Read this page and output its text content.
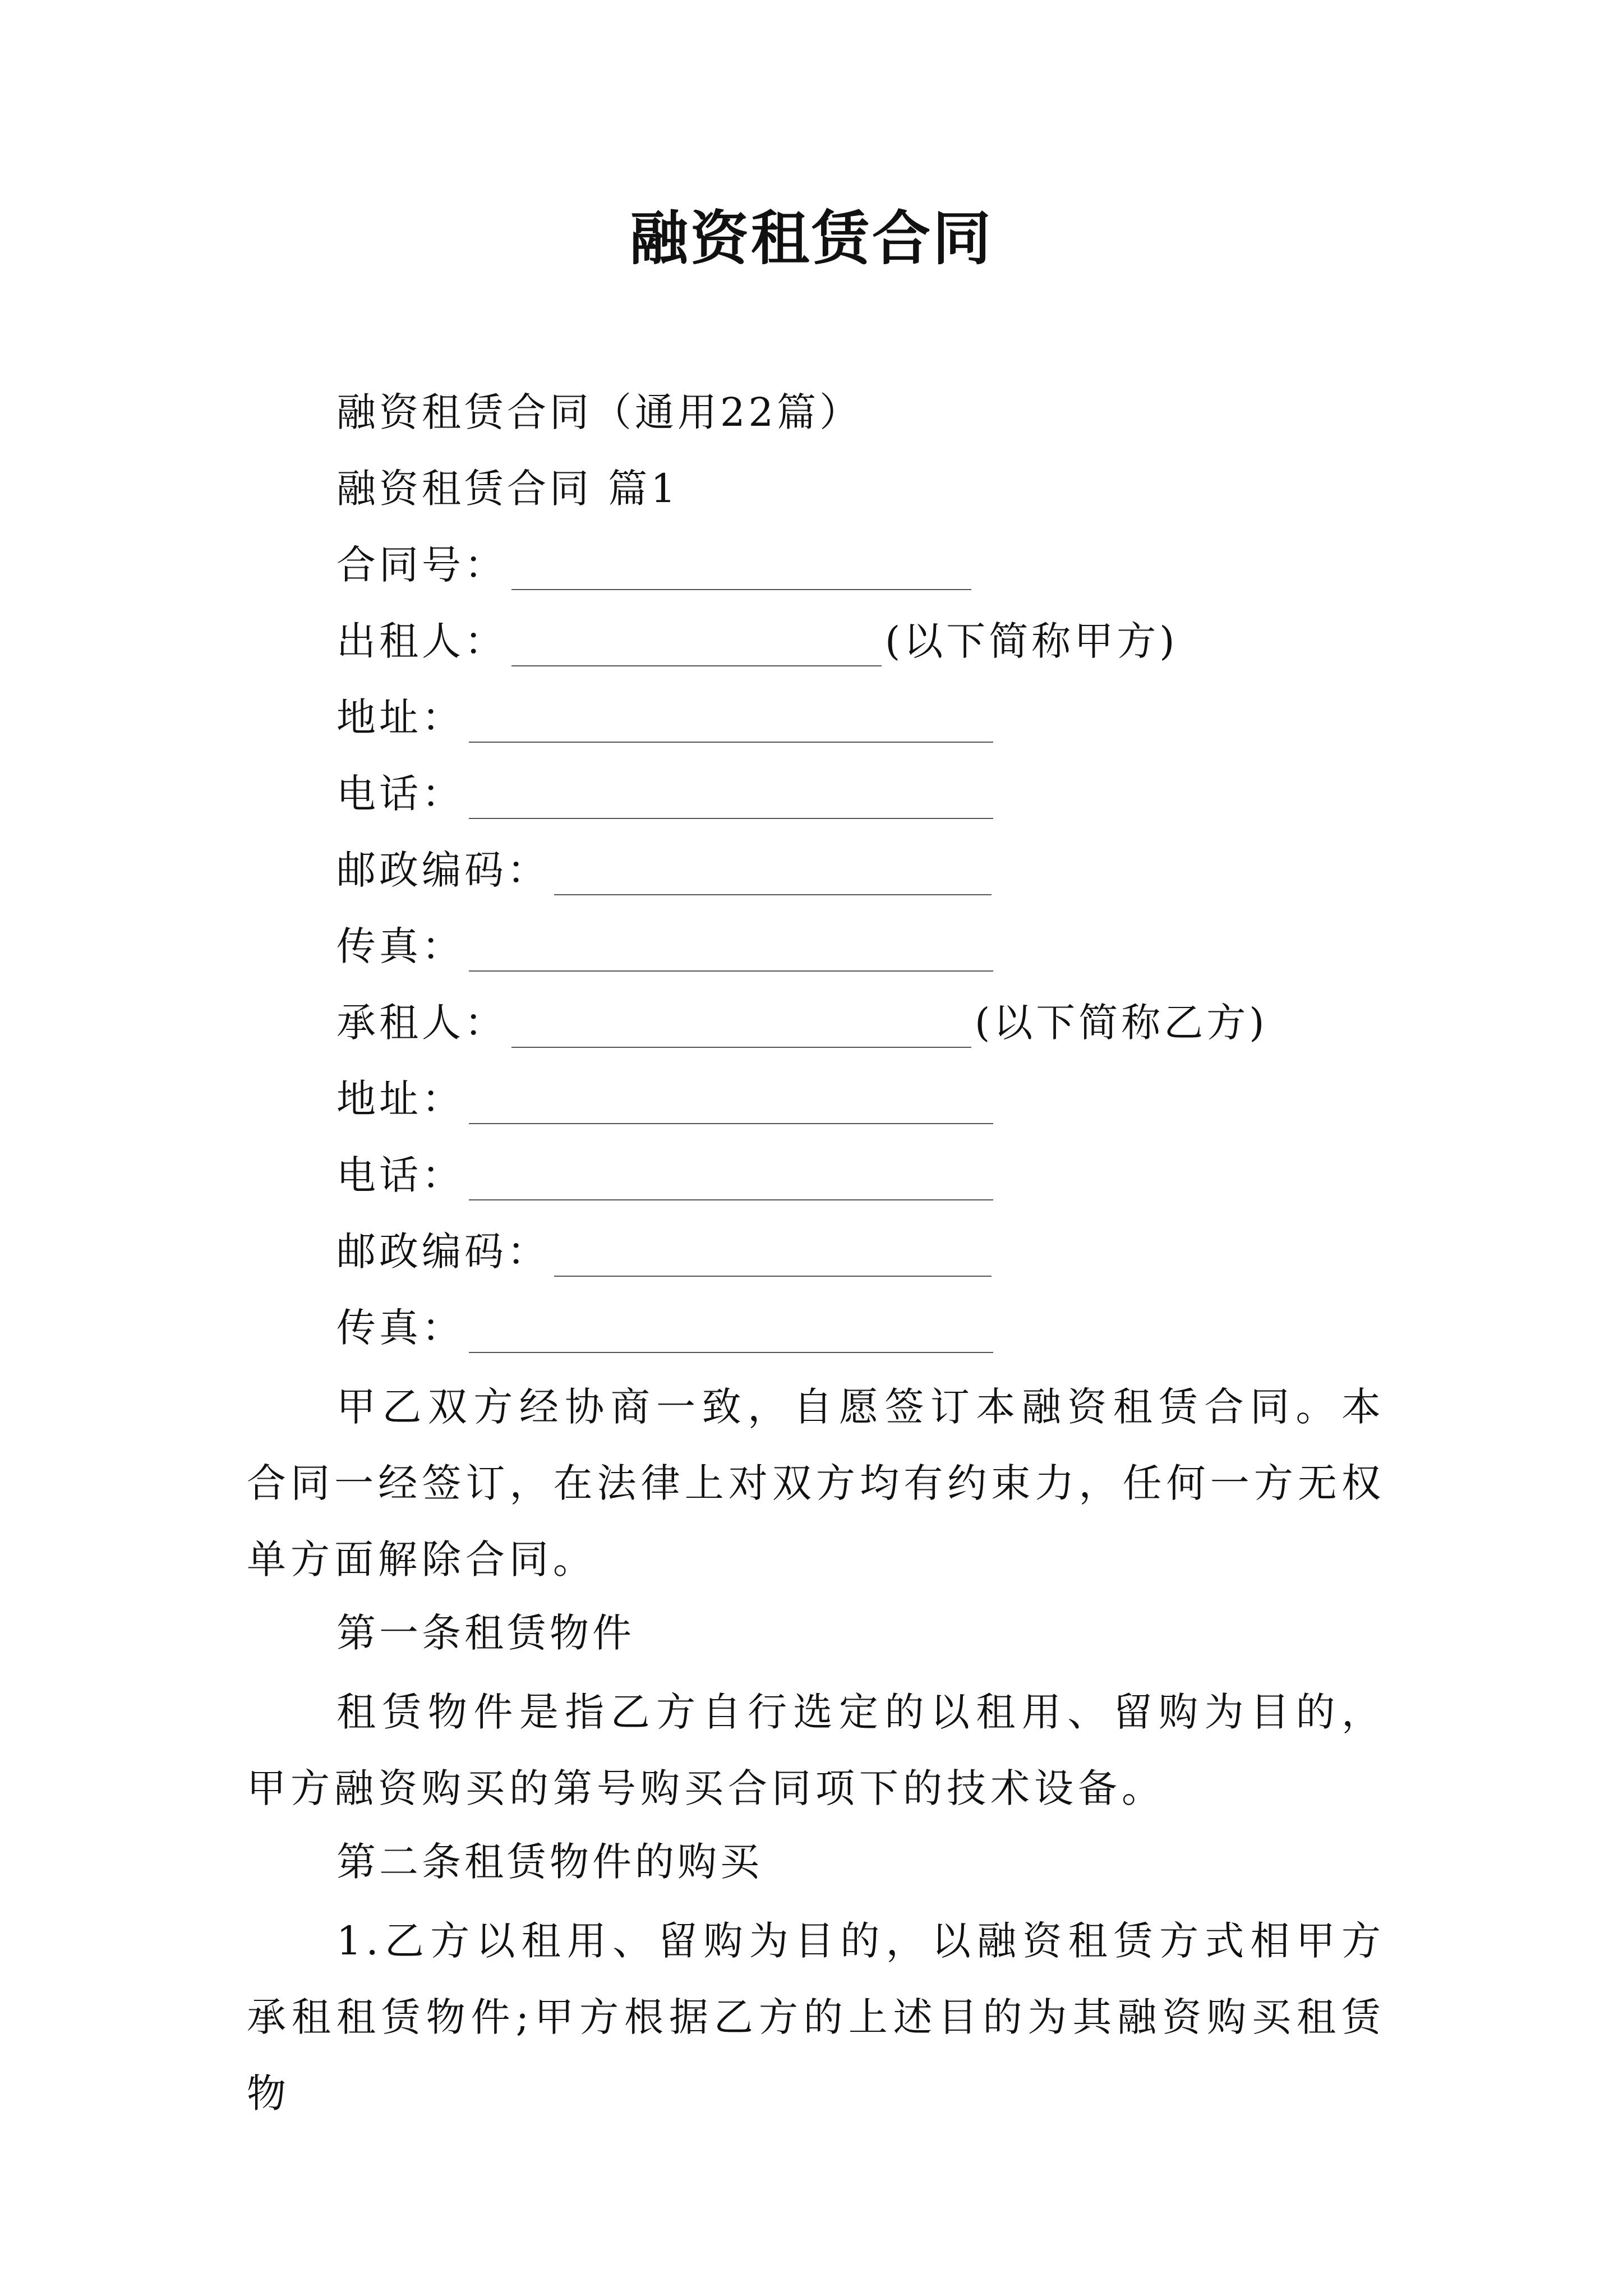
融资租赁合同
融资租赁合同（通用22篇）
融资租赁合同 篇1
合同号：
出租人：	(以下简称甲方)
地址：
电话：
邮政编码：
传真：
承租人：	(以下简称乙方)
地址：
电话：
邮政编码：
传真：
甲乙双方经协商一致，自愿签订本融资租赁合同。本合同一经签订，在法律上对双方均有约束力，任何一方无权单方面解除合同。
第一条租赁物件
租赁物件是指乙方自行选定的以租用、留购为目的，甲方融资购买的第号购买合同项下的技术设备。
第二条租赁物件的购买
1.乙方以租用、留购为目的，以融资租赁方式相甲方承租租赁物件;甲方根据乙方的上述目的为其融资购买租赁物
